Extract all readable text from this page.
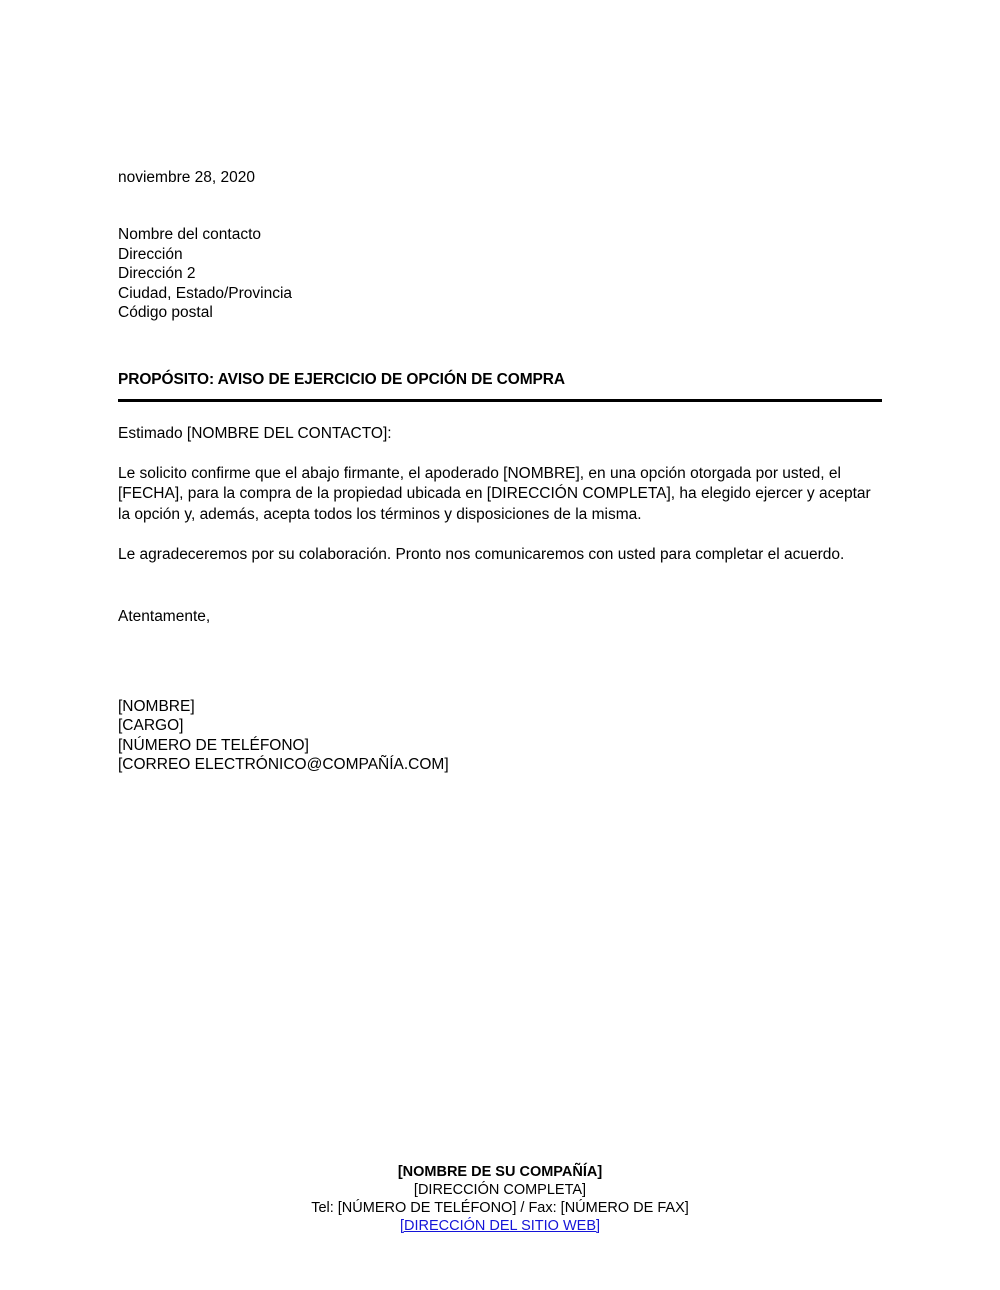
noviembre 28, 2020

Nombre del contacto
Dirección
Dirección 2
Ciudad, Estado/Provincia
Código postal

PROPÓSITO: AVISO DE EJERCICIO DE OPCIÓN DE COMPRA

Estimado [NOMBRE DEL CONTACTO]:

Le solicito confirme que el abajo firmante, el apoderado [NOMBRE], en una opción otorgada por usted, el [FECHA], para la compra de la propiedad ubicada en [DIRECCIÓN COMPLETA], ha elegido ejercer y aceptar la opción y, además, acepta todos los términos y disposiciones de la misma.

Le agradeceremos por su colaboración. Pronto nos comunicaremos con usted para completar el acuerdo.

Atentamente,

[NOMBRE]
[CARGO]
[NÚMERO DE TELÉFONO]
[CORREO ELECTRÓNICO@COMPAÑÍA.COM]

[NOMBRE DE SU COMPAÑÍA]

[DIRECCIÓN COMPLETA]

Tel: [NÚMERO DE TELÉFONO] / Fax: [NÚMERO DE FAX]

[DIRECCIÓN DEL SITIO WEB]
